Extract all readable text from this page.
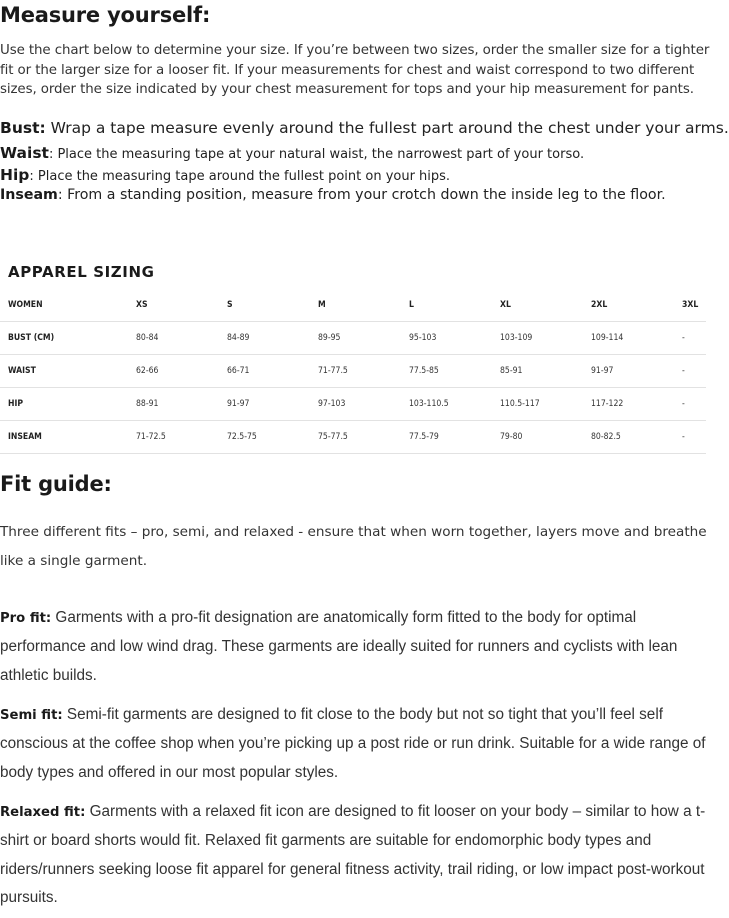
Measure yourself:
Use the chart below to determine your size. If you’re between two sizes, order the smaller size for a tighter fit or the larger size for a looser fit. If your measurements for chest and waist correspond to two different sizes, order the size indicated by your chest measurement for tops and your hip measurement for pants.
Bust: Wrap a tape measure evenly around the fullest part around the chest under your arms.
Waist: Place the measuring tape at your natural waist, the narrowest part of your torso.
Hip: Place the measuring tape around the fullest point on your hips.
Inseam: From a standing position, measure from your crotch down the inside leg to the floor.
APPAREL SIZING
WOMEN	XS	S	M	L	XL	2XL	3XL
BUST (CM)	80-84	84-89	89-95	95-103	103-109	109-114	-
WAIST	62-66	66-71	71-77.5	77.5-85	85-91	91-97	-
HIP	88-91	91-97	97-103	103-110.5	110.5-117	117-122	-
INSEAM	71-72.5	72.5-75	75-77.5	77.5-79	79-80	80-82.5	-
Fit guide:
Three different fits – pro, semi, and relaxed - ensure that when worn together, layers move and breathe like a single garment.
Pro fit: Garments with a pro-fit designation are anatomically form fitted to the body for optimal performance and low wind drag. These garments are ideally suited for runners and cyclists with lean athletic builds.
Semi fit: Semi-fit garments are designed to fit close to the body but not so tight that you’ll feel self conscious at the coffee shop when you’re picking up a post ride or run drink. Suitable for a wide range of body types and offered in our most popular styles.
Relaxed fit: Garments with a relaxed fit icon are designed to fit looser on your body – similar to how a t-shirt or board shorts would fit. Relaxed fit garments are suitable for endomorphic body types and riders/runners seeking loose fit apparel for general fitness activity, trail riding, or low impact post-workout pursuits.
